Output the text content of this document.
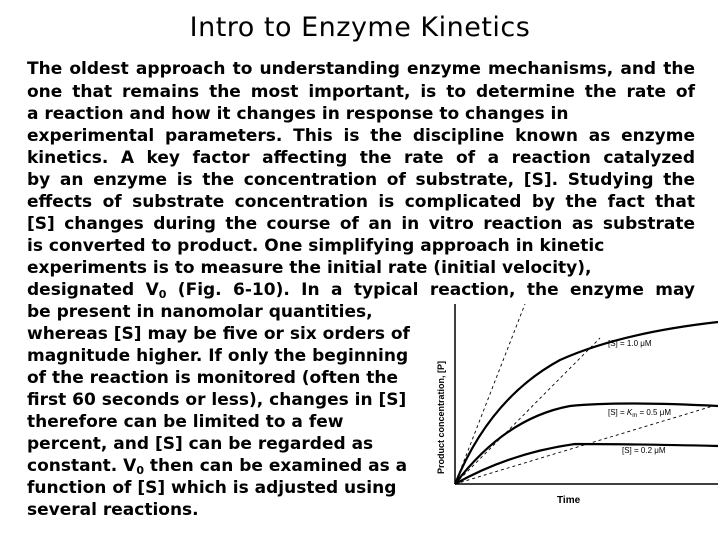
Intro to Enzyme Kinetics
The oldest approach to understanding enzyme mechanisms, and the
one that remains the most important, is to determine the rate of
a reaction and how it changes in response to changes in
experimental parameters. This is the discipline known as enzyme
kinetics. A key factor affecting the rate of a reaction catalyzed
by an enzyme is the concentration of substrate, [S]. Studying the
effects of substrate concentration is complicated by the fact that
[S] changes during the course of an in vitro reaction as substrate
is converted to product. One simplifying approach in kinetic
experiments is to measure the initial rate (initial velocity),
designated $V_0$ (Fig. 6-10). In a typical reaction, the enzyme may
be present in nanomolar quantities,
whereas [S] may be five or six orders of
magnitude higher. If only the beginning
of the reaction is monitored (often the
first 60 seconds or less), changes in [S]
therefore can be limited to a few
percent, and [S] can be regarded as
constant. $V_0$ then can be examined as a
function of [S] which is adjusted using
several reactions.
[S] = 1.0 μM
$[S] = K_m = 0.5$ μM
[S] = 0.2 μM
Product concentration, [P]
Time
